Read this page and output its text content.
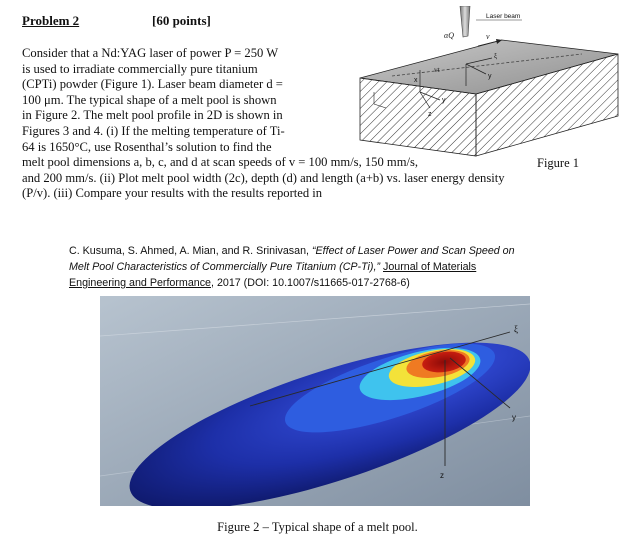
Problem 2	[60 points]
Consider that a Nd:YAG laser of power P = 250 W
is used to irradiate commercially pure titanium
(CPTi) powder (Figure 1). Laser beam diameter d =
100 μm. The typical shape of a melt pool is shown
in Figure 2. The melt pool profile in 2D is shown in
Figures 3 and 4. (i) If the melting temperature of Ti-
64 is 1650°C, use Rosenthal’s solution to find the
melt pool dimensions a, b, c, and d at scan speeds of v = 100 mm/s, 150 mm/s,
and 200 mm/s. (ii) Plot melt pool width (2c), depth (d) and length (a+b) vs. laser energy density
(P/v). (iii) Compare your results with the results reported in
Laser beam
αQ	v
vt
x
y
z
ξ
y
Figure 1
C. Kusuma, S. Ahmed, A. Mian, and R. Srinivasan, “Effect of Laser Power and Scan Speed on
Melt Pool Characteristics of Commercially Pure Titanium (CP-Ti),” Journal of Materials
Engineering and Performance, 2017 (DOI: 10.1007/s11665-017-2768-6)
ξ
y
z
Figure 2 – Typical shape of a melt pool.
